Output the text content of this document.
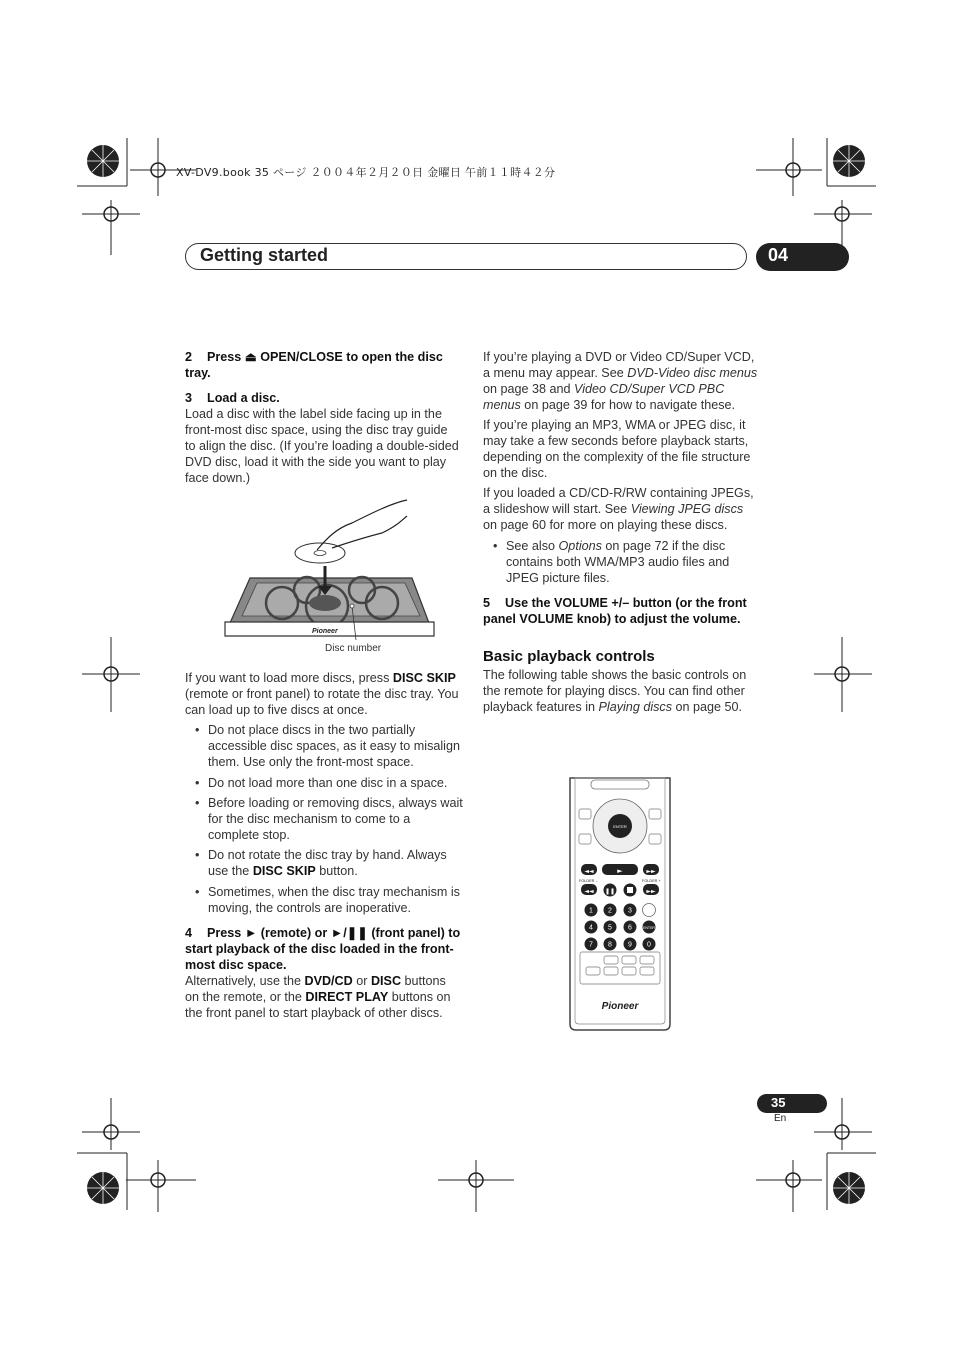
XV-DV9.book 35 ページ ２００４年２月２０日 金曜日 午前１１時４２分
Getting started	04

2 Press ⏏ OPEN/CLOSE to open the disc tray.

3 Load a disc.

Load a disc with the label side facing up in the front-most disc space, using the disc tray guide to align the disc. (If you’re loading a double-sided DVD disc, load it with the side you want to play face down.)

Pioneer
Disc number

If you want to load more discs, press DISC SKIP (remote or front panel) to rotate the disc tray. You can load up to five discs at once.

• Do not place discs in the two partially accessible disc spaces, as it easy to misalign them. Use only the front-most space.

• Do not load more than one disc in a space.

• Before loading or removing discs, always wait for the disc mechanism to come to a complete stop.

• Do not rotate the disc tray by hand. Always use the DISC SKIP button.

• Sometimes, when the disc tray mechanism is moving, the controls are inoperative.

4 Press ► (remote) or ►/❚❚ (front panel) to start playback of the disc loaded in the front-most disc space.

Alternatively, use the DVD/CD or DISC buttons on the remote, or the DIRECT PLAY buttons on the front panel to start playback of other discs.

If you’re playing a DVD or Video CD/Super VCD, a menu may appear. See DVD-Video disc menus on page 38 and Video CD/Super VCD PBC menus on page 39 for how to navigate these.

If you’re playing an MP3, WMA or JPEG disc, it may take a few seconds before playback starts, depending on the complexity of the file structure on the disc.

If you loaded a CD/CD-R/RW containing JPEGs, a slideshow will start. See Viewing JPEG discs on page 60 for more on playing these discs.

• See also Options on page 72 if the disc contains both WMA/MP3 audio files and JPEG picture files.

5 Use the VOLUME +/– button (or the front panel VOLUME knob) to adjust the volume.

Basic playback controls

The following table shows the basic controls on the remote for playing discs. You can find other playback features in Playing discs on page 50.

ENTER
►
◄◄	►►
FOLDER –	FOLDER +
◄◄ ❚❚	►►
1 2 3
4 5 6
7 8 9 0
ENTER
Pioneer
35
En
